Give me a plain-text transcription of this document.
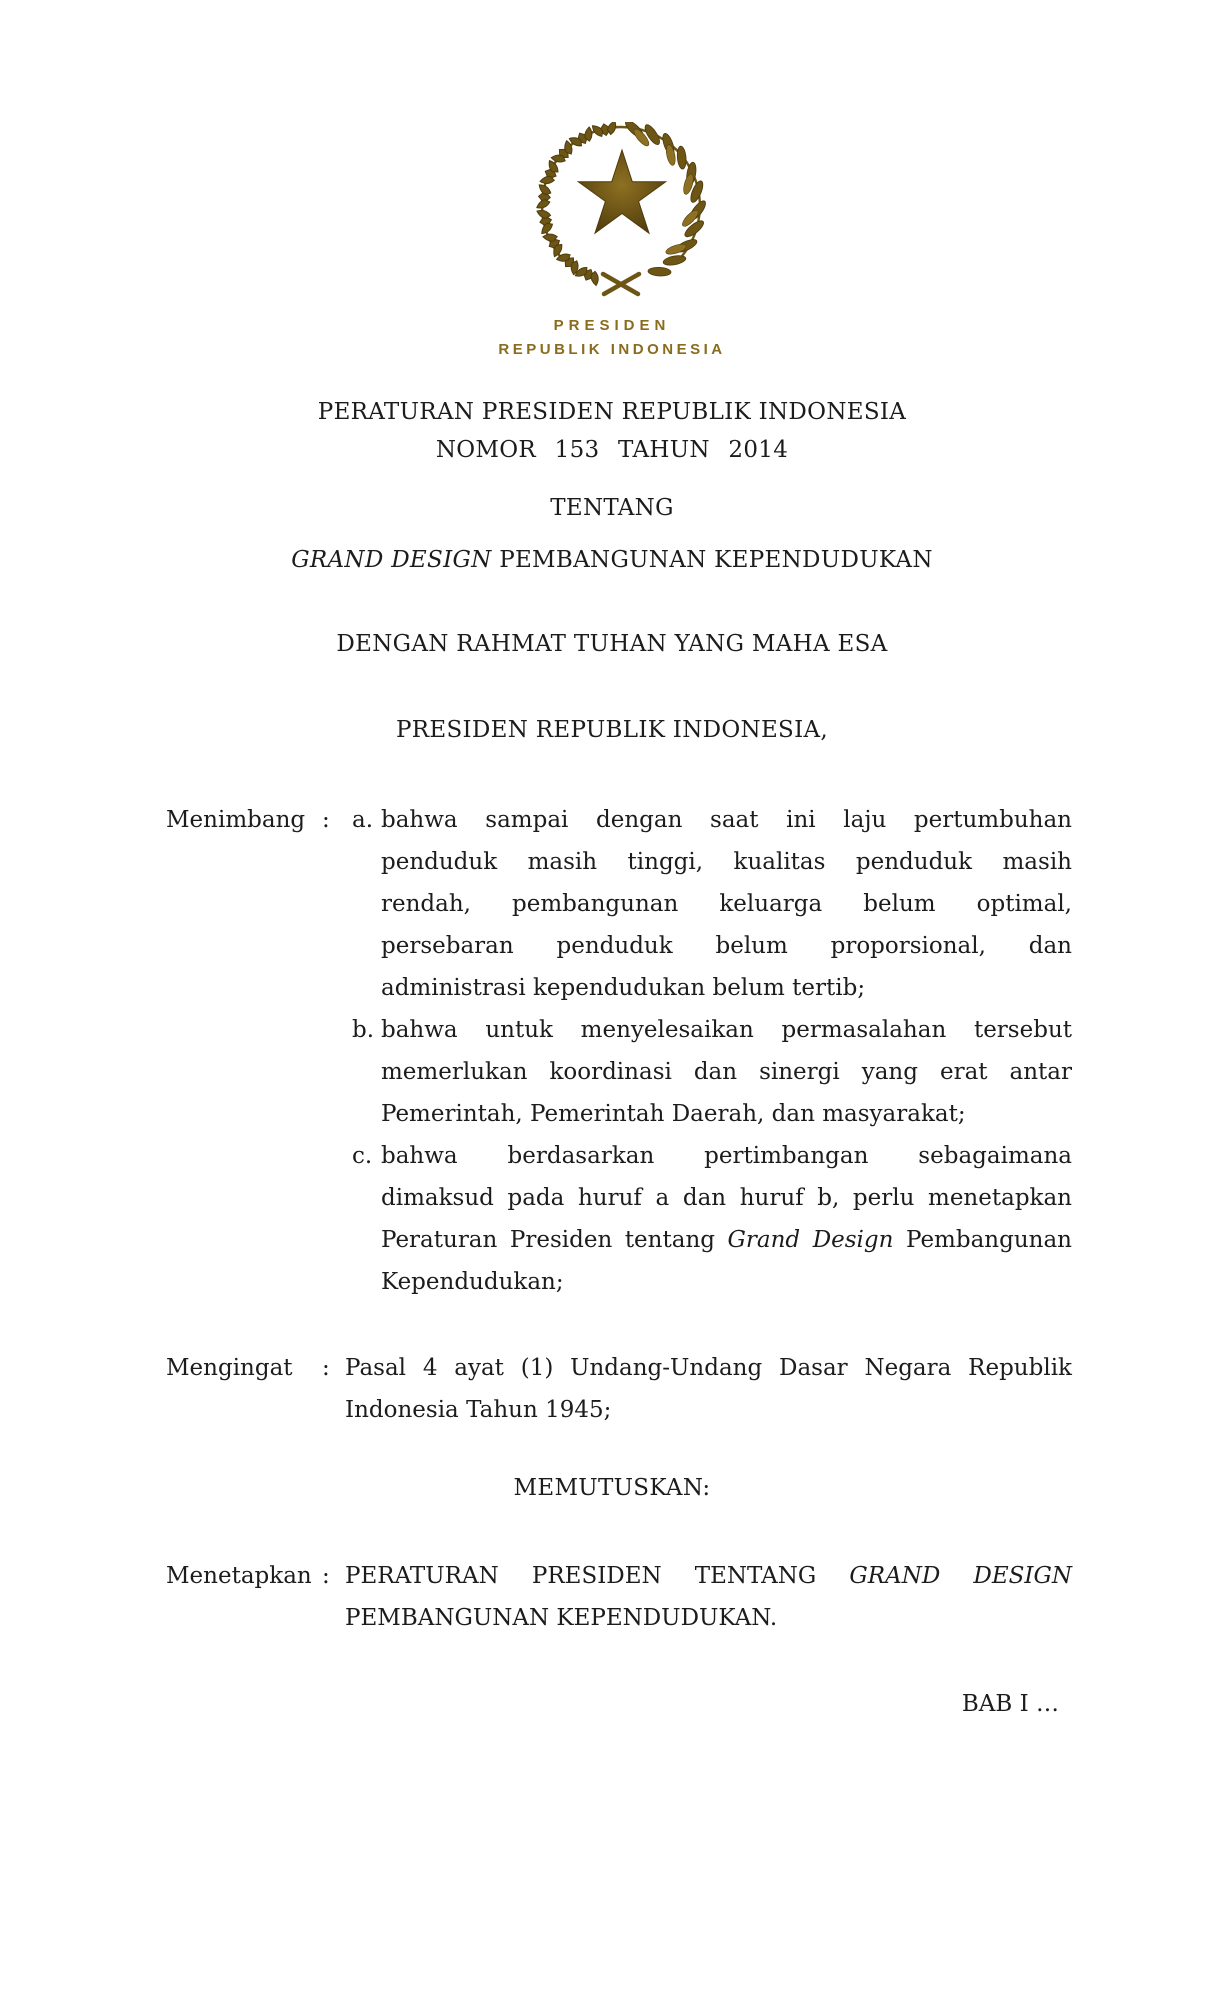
PRESIDEN
REPUBLIK INDONESIA
PERATURAN PRESIDEN REPUBLIK INDONESIA
NOMOR 153 TAHUN 2014
TENTANG
GRAND DESIGN PEMBANGUNAN KEPENDUDUKAN
DENGAN RAHMAT TUHAN YANG MAHA ESA
PRESIDEN REPUBLIK INDONESIA,
Menimbang : a. bahwa sampai dengan saat ini laju pertumbuhan
penduduk masih tinggi, kualitas penduduk masih
rendah, pembangunan keluarga belum optimal,
persebaran penduduk belum proporsional, dan
administrasi kependudukan belum tertib;
b. bahwa untuk menyelesaikan permasalahan tersebut
memerlukan koordinasi dan sinergi yang erat antar
Pemerintah, Pemerintah Daerah, dan masyarakat;
c. bahwa berdasarkan pertimbangan sebagaimana
dimaksud pada huruf a dan huruf b, perlu menetapkan
Peraturan Presiden tentang Grand Design Pembangunan
Kependudukan;
Mengingat	: Pasal 4 ayat (1) Undang-Undang Dasar Negara Republik
Indonesia Tahun 1945;
MEMUTUSKAN:
Menetapkan : PERATURAN PRESIDEN TENTANG GRAND DESIGN
PEMBANGUNAN KEPENDUDUKAN.
BAB I …
